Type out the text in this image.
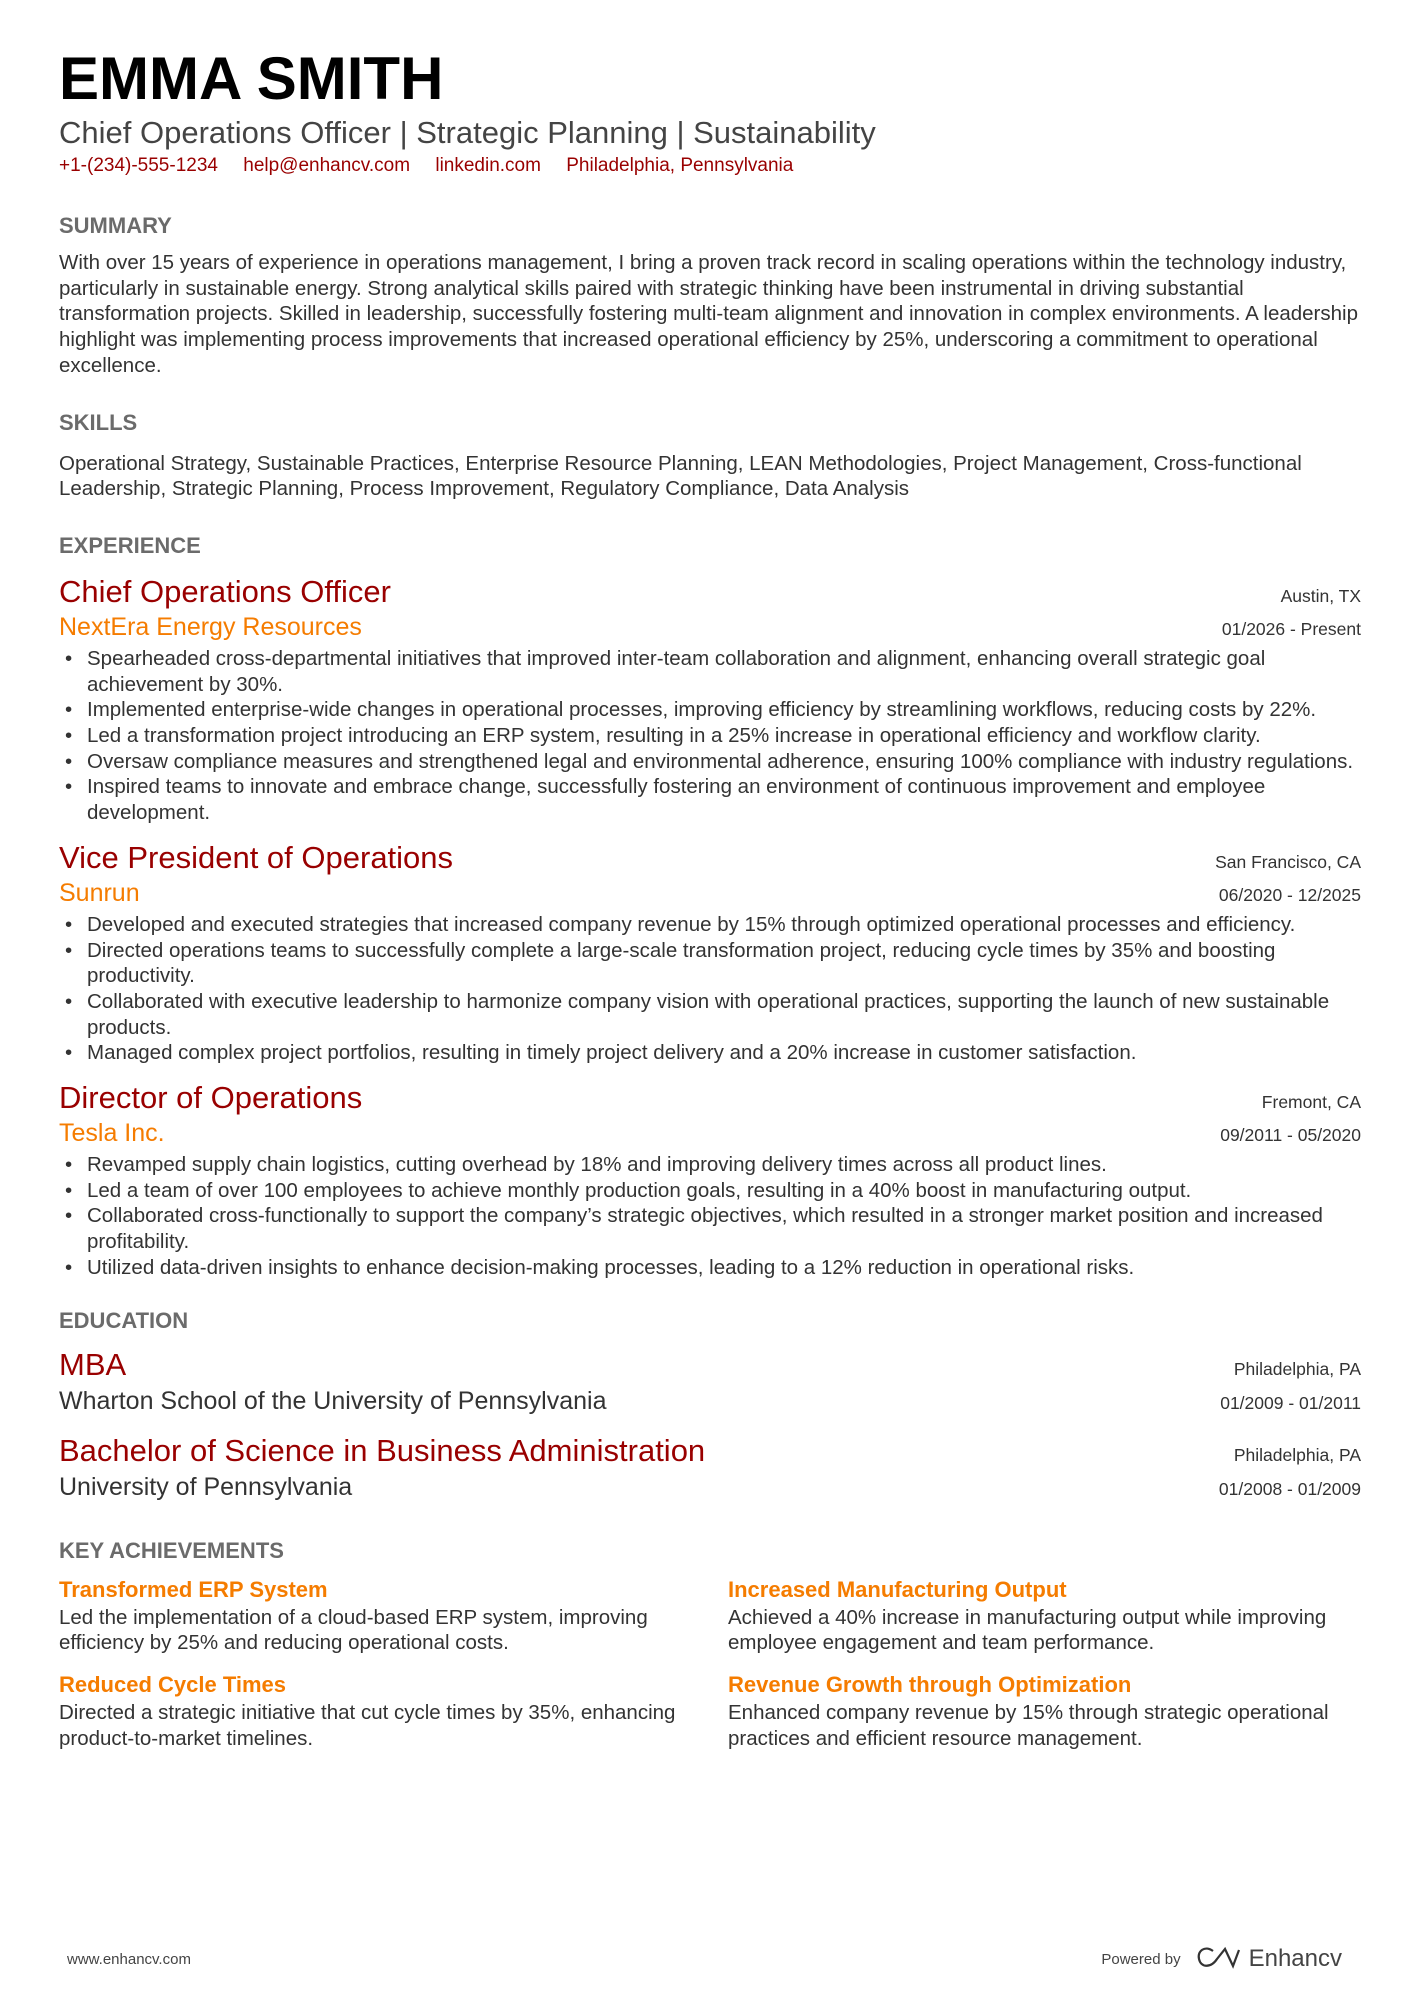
EMMA SMITH
Chief Operations Officer | Strategic Planning | Sustainability
+1-(234)-555-1234 help@enhancv.com linkedin.com Philadelphia, Pennsylvania
SUMMARY
With over 15 years of experience in operations management, I bring a proven track record in scaling operations within the technology industry, particularly in sustainable energy. Strong analytical skills paired with strategic thinking have been instrumental in driving substantial transformation projects. Skilled in leadership, successfully fostering multi-team alignment and innovation in complex environments. A leadership highlight was implementing process improvements that increased operational efficiency by 25%, underscoring a commitment to operational excellence.
SKILLS
Operational Strategy, Sustainable Practices, Enterprise Resource Planning, LEAN Methodologies, Project Management, Cross-functional Leadership, Strategic Planning, Process Improvement, Regulatory Compliance, Data Analysis
EXPERIENCE
Chief Operations Officer	Austin, TX
NextEra Energy Resources	01/2026 - Present
• Spearheaded cross-departmental initiatives that improved inter-team collaboration and alignment, enhancing overall strategic goal achievement by 30%.
• Implemented enterprise-wide changes in operational processes, improving efficiency by streamlining workflows, reducing costs by 22%.
• Led a transformation project introducing an ERP system, resulting in a 25% increase in operational efficiency and workflow clarity.
• Oversaw compliance measures and strengthened legal and environmental adherence, ensuring 100% compliance with industry regulations.
• Inspired teams to innovate and embrace change, successfully fostering an environment of continuous improvement and employee development.
Vice President of Operations	San Francisco, CA
Sunrun	06/2020 - 12/2025
• Developed and executed strategies that increased company revenue by 15% through optimized operational processes and efficiency.
• Directed operations teams to successfully complete a large-scale transformation project, reducing cycle times by 35% and boosting productivity.
• Collaborated with executive leadership to harmonize company vision with operational practices, supporting the launch of new sustainable products.
• Managed complex project portfolios, resulting in timely project delivery and a 20% increase in customer satisfaction.
Director of Operations	Fremont, CA
Tesla Inc.	09/2011 - 05/2020
• Revamped supply chain logistics, cutting overhead by 18% and improving delivery times across all product lines.
• Led a team of over 100 employees to achieve monthly production goals, resulting in a 40% boost in manufacturing output.
• Collaborated cross-functionally to support the company’s strategic objectives, which resulted in a stronger market position and increased profitability.
• Utilized data-driven insights to enhance decision-making processes, leading to a 12% reduction in operational risks.
EDUCATION
MBA	Philadelphia, PA
Wharton School of the University of Pennsylvania	01/2009 - 01/2011
Bachelor of Science in Business Administration	Philadelphia, PA
University of Pennsylvania	01/2008 - 01/2009
KEY ACHIEVEMENTS
Transformed ERP System
Led the implementation of a cloud-based ERP system, improving efficiency by 25% and reducing operational costs.
Increased Manufacturing Output
Achieved a 40% increase in manufacturing output while improving employee engagement and team performance.
Reduced Cycle Times
Directed a strategic initiative that cut cycle times by 35%, enhancing product-to-market timelines.
Revenue Growth through Optimization
Enhanced company revenue by 15% through strategic operational practices and efficient resource management.
www.enhancv.com	Powered by	Enhancv
